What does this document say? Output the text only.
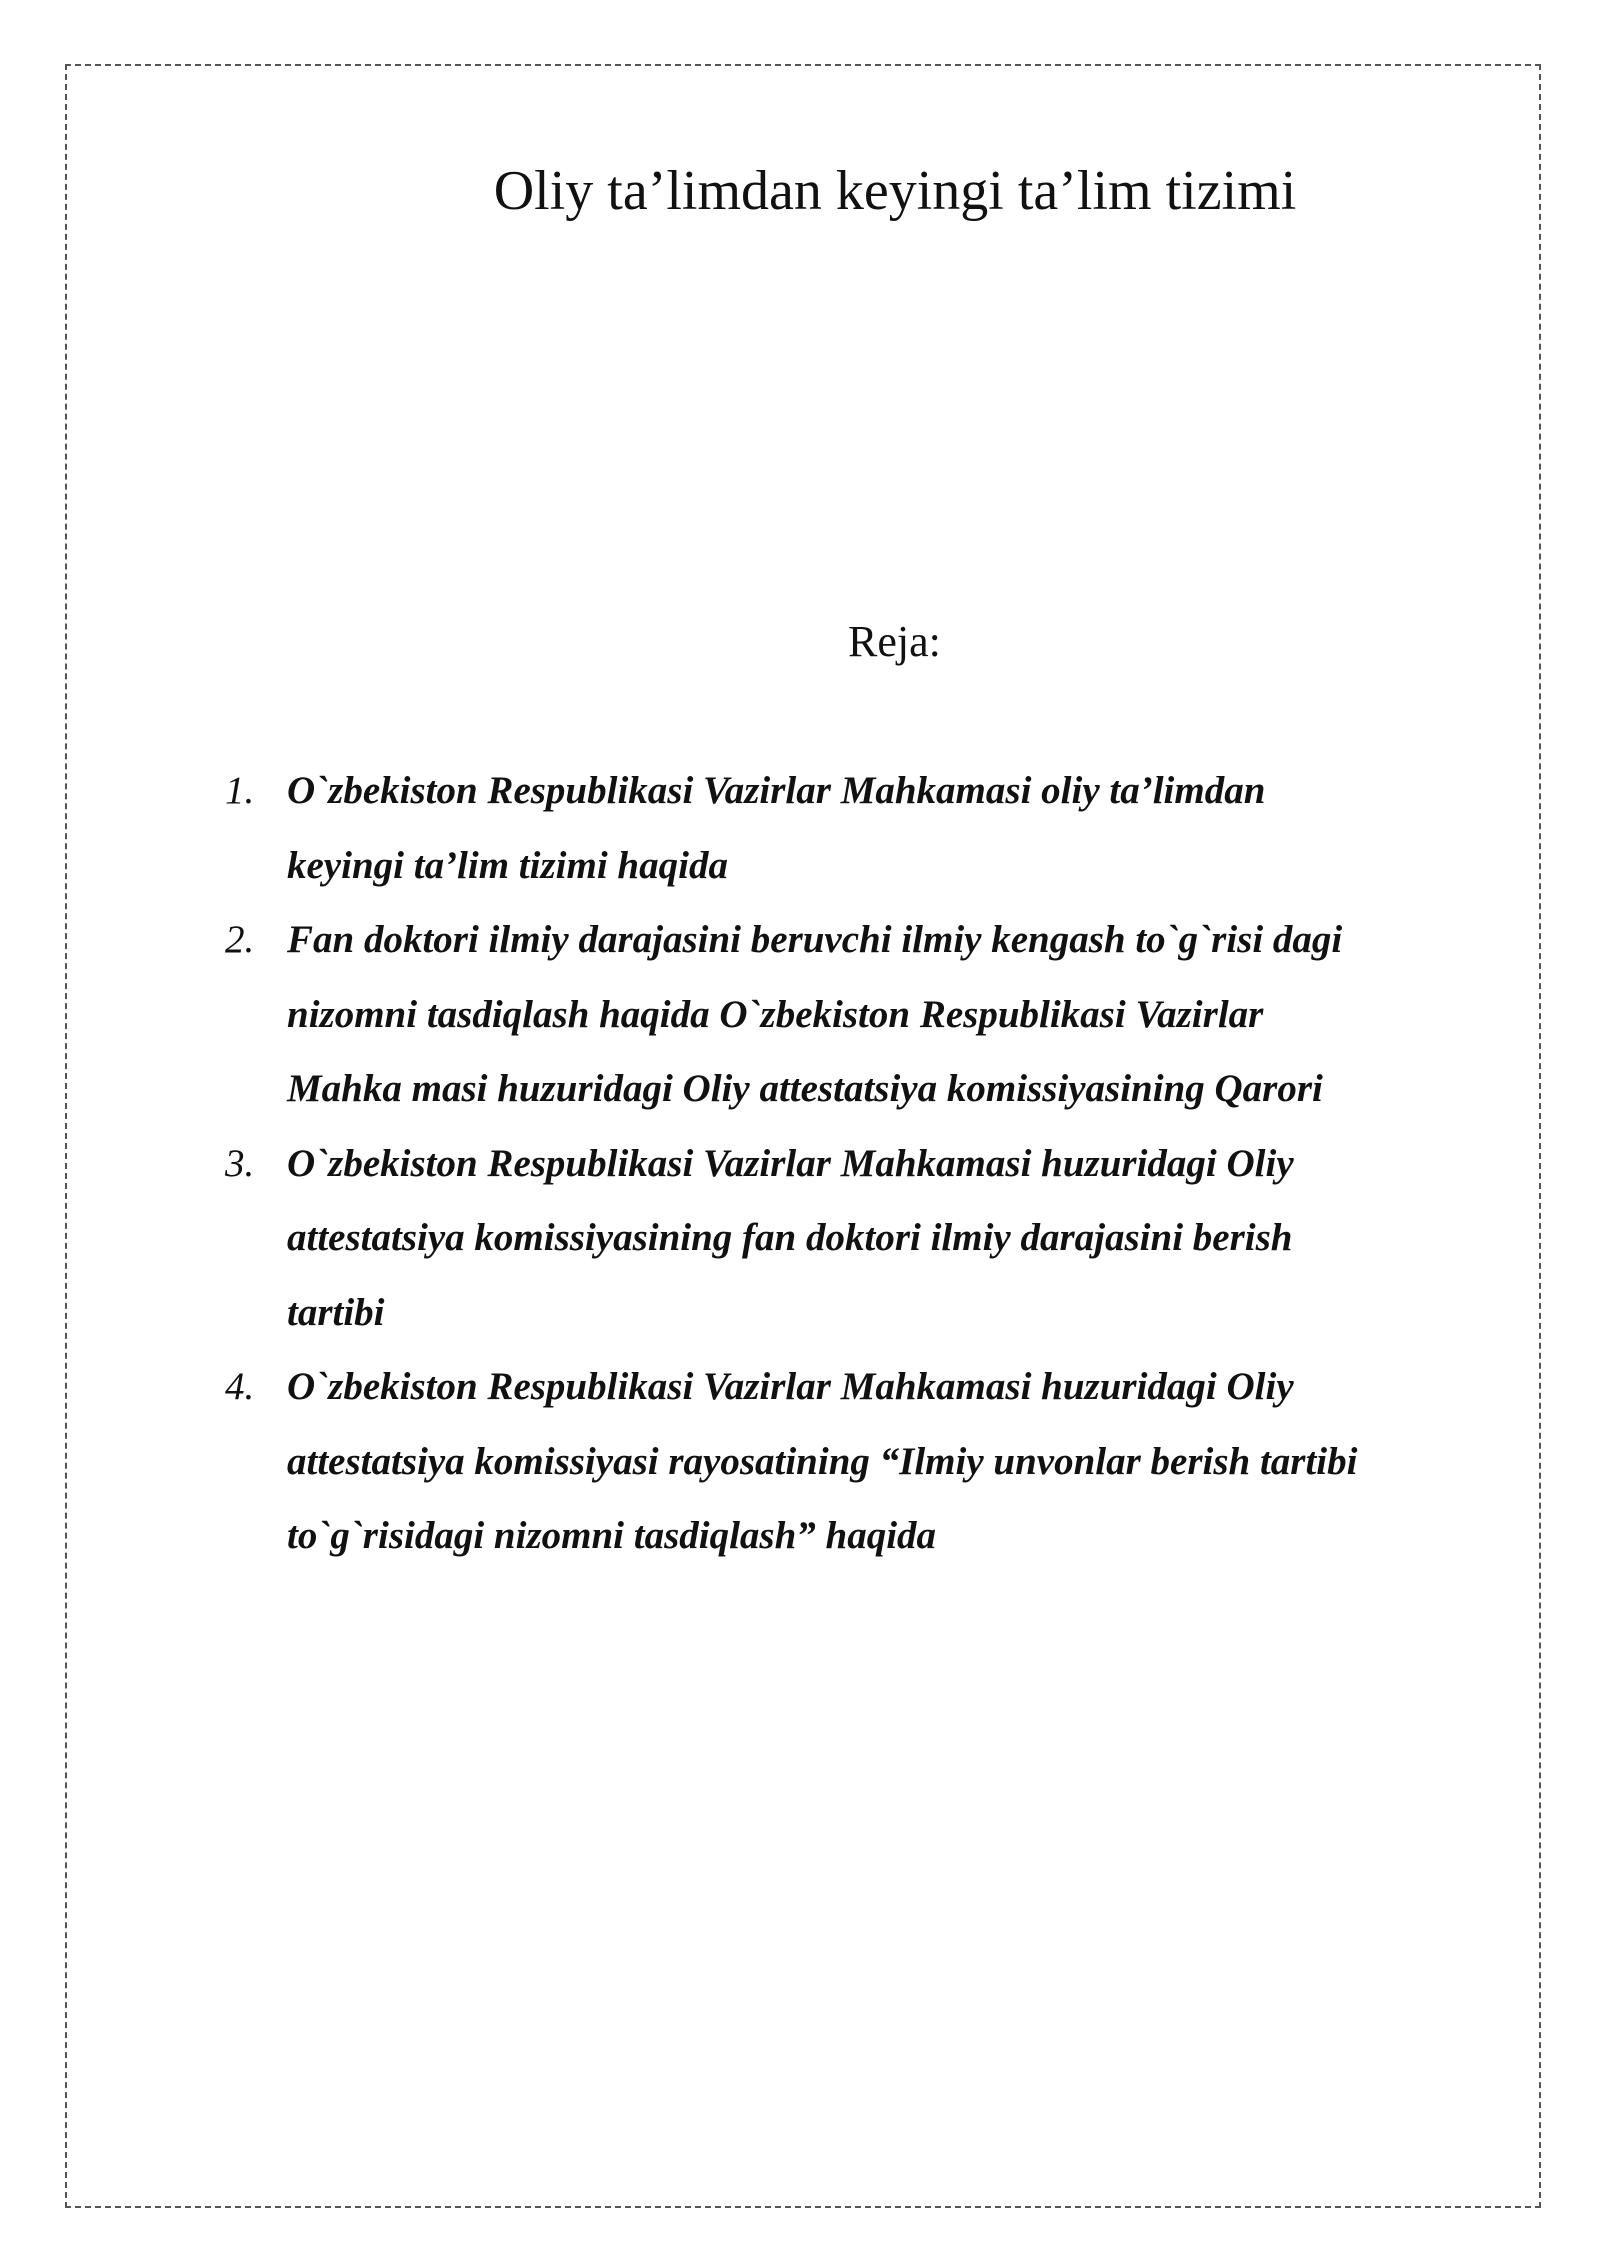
Oliy ta’limdan keyingi ta’lim tizimi
Reja:
1. O`zbekiston Respublikasi Vazirlar Mahkamasi oliy ta’limdan
keyingi ta’lim tizimi haqida
2. Fan doktori ilmiy darajasini beruvchi ilmiy kengash to`g`risi dagi
nizomni tasdiqlash haqida O`zbekiston Respublikasi Vazirlar
Mahka masi huzuridagi Oliy attestatsiya komissiyasining Qarori
3. O`zbekiston Respublikasi Vazirlar Mahkamasi huzuridagi Oliy
attestatsiya komissiyasining fan doktori ilmiy darajasini berish
tartibi
4. O`zbekiston Respublikasi Vazirlar Mahkamasi huzuridagi Oliy
attestatsiya komissiyasi rayosatining “Ilmiy unvonlar berish tartibi
to`g`risidagi nizomni tasdiqlash” haqida
